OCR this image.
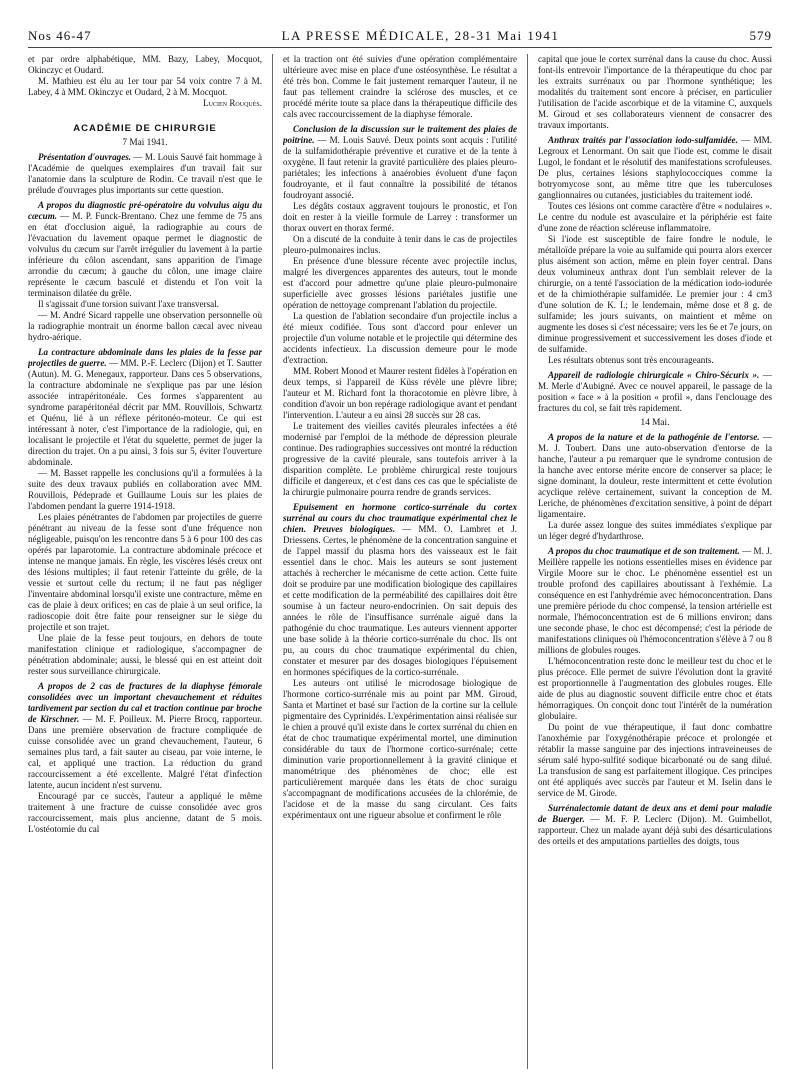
Nos 46-47	LA PRESSE MÉDICALE, 28-31 Mai 1941	579

et par ordre alphabétique, MM. Bazy, Labey, Mocquot, Okinczyc et Oudard.

M. Mathieu est élu au 1er tour par 54 voix contre 7 à M. Labey, 4 à MM. Okinczyc et Oudard, 2 à M. Mocquot.

Lucien Rouquès.

ACADÉMIE DE CHIRURGIE
7 Mai 1941.

Présentation d'ouvrages. — M. Louis Sauvé fait hommage à l'Académie de quelques exemplaires d'un travail fait sur l'anatomie dans la sculpture de Rodin. Ce travail n'est que le prélude d'ouvrages plus importants sur cette question.

A propos du diagnostic pré-opératoire du volvulus aigu du cæcum. — M. P. Funck-Brentano. Chez une femme de 75 ans en état d'occlusion aiguë, la radiographie au cours de l'évacuation du lavement opaque permet le diagnostic de volvulus du cæcum sur l'arrêt irrégulier du lavement à la partie inférieure du côlon ascendant, sans apparition de l'image arrondie du cæcum; à gauche du côlon, une image claire représente le cæcum basculé et distendu et l'on voit la terminaison dilatée du grêle.

Il s'agissait d'une torsion suivant l'axe transversal.

— M. André Sicard rappelle une observation personnelle où la radiographie montrait un énorme ballon cæcal avec niveau hydro-aérique.

La contracture abdominale dans les plaies de la fesse par projectiles de guerre. — MM. P.-F. Leclerc (Dijon) et T. Sautter (Autun). M. G. Menegaux, rapporteur. Dans ces 5 observations, la contracture abdominale ne s'explique pas par une lésion associée intrapéritonéale. Ces formes s'apparentent au syndrome parapéritonéal décrit par MM. Rouvillois, Schwartz et Quénu, lié à un réflexe péritonéo-moteur. Ce qui est intéressant à noter, c'est l'importance de la radiologie, qui, en localisant le projectile et l'état du squelette, permet de juger la direction du trajet. On a pu ainsi, 3 fois sur 5, éviter l'ouverture abdominale.

— M. Basset rappelle les conclusions qu'il a formulées à la suite des deux travaux publiés en collaboration avec MM. Rouvillois, Pédeprade et Guillaume Louis sur les plaies de l'abdomen pendant la guerre 1914-1918.

Les plaies pénétrantes de l'abdomen par projectiles de guerre pénétrant au niveau de la fesse sont d'une fréquence non négligeable, puisqu'on les rencontre dans 5 à 6 pour 100 des cas opérés par laparotomie. La contracture abdominale précoce et intense ne manque jamais. En règle, les viscères lésés creux ont des lésions multiples; il faut retenir l'atteinte du grêle, de la vessie et surtout celle du rectum; il ne faut pas négliger l'inventaire abdominal lorsqu'il existe une contracture, même en cas de plaie à deux orifices; en cas de plaie à un seul orifice, la radioscopie doit être faite pour renseigner sur le siège du projectile et son trajet.

Une plaie de la fesse peut toujours, en dehors de toute manifestation clinique et radiologique, s'accompagner de pénétration abdominale; aussi, le blessé qui en est atteint doit rester sous surveillance chirurgicale.

A propos de 2 cas de fractures de la diaphyse fémorale consolidées avec un important chevauchement et réduites tardivement par section du cal et traction continue par broche de Kirschner. — M. F. Poilleux. M. Pierre Brocq, rapporteur. Dans une première observation de fracture compliquée de cuisse consolidée avec un grand chevauchement, l'auteur, 6 semaines plus tard, a fait sauter au ciseau, par voie interne, le cal, et appliqué une traction. La réduction du grand raccourcissement a été excellente. Malgré l'état d'infection latente, aucun incident n'est survenu.

Encouragé par ce succès, l'auteur a appliqué le même traitement à une fracture de cuisse consolidée avec gros raccourcissement, mais plus ancienne, datant de 5 mois. L'ostéotomie du cal

et la traction ont été suivies d'une opération complémentaire ultérieure avec mise en place d'une ostéosynthèse. Le résultat a été très bon. Comme le fait justement remarquer l'auteur, il ne faut pas tellement craindre la sclérose des muscles, et ce procédé mérite toute sa place dans la thérapeutique difficile des cals avec raccourcissement de la diaphyse fémorale.

Conclusion de la discussion sur le traitement des plaies de poitrine. — M. Louis Sauvé. Deux points sont acquis : l'utilité de la sulfamidothérapie préventive et curative et de la tente à oxygène. Il faut retenir la gravité particulière des plaies pleuro-pariétales; les infections à anaérobies évoluent d'une façon foudroyante, et il faut connaître la possibilité de tétanos foudroyant associé.

Les dégâts costaux aggravent toujours le pronostic, et l'on doit en rester à la vieille formule de Larrey : transformer un thorax ouvert en thorax fermé.

On a discuté de la conduite à tenir dans le cas de projectiles pleuro-pulmonaires inclus.

En présence d'une blessure récente avec projectile inclus, malgré les divergences apparentes des auteurs, tout le monde est d'accord pour admettre qu'une plaie pleuro-pulmonaire superficielle avec grosses lésions pariétales justifie une opération de nettoyage comprenant l'ablation du projectile.

La question de l'ablation secondaire d'un projectile inclus a été mieux codifiée. Tous sont d'accord pour enlever un projectile d'un volume notable et le projectile qui détermine des accidents infectieux. La discussion demeure pour le mode d'extraction.

MM. Robert Monod et Maurer restent fidèles à l'opération en deux temps, si l'appareil de Küss révèle une plèvre libre; l'auteur et M. Richard font la thoracotomie en plèvre libre, à condition d'avoir un bon repérage radiologique avant et pendant l'intervention. L'auteur a eu ainsi 28 succès sur 28 cas.

Le traitement des vieilles cavités pleurales infectées a été modernisé par l'emploi de la méthode de dépression pleurale continue. Des radiographies successives ont montré la réduction progressive de la cavité pleurale, sans toutefois arriver à la disparition complète. Le problème chirurgical reste toujours difficile et dangereux, et c'est dans ces cas que le spécialiste de la chirurgie pulmonaire pourra rendre de grands services.

Epuisement en hormone cortico-surrénale du cortex surrénal au cours du choc traumatique expérimental chez le chien. Preuves biologiques. — MM. O. Lambret et J. Driessens. Certes, le phénomène de la concentration sanguine et de l'appel massif du plasma hors des vaisseaux est le fait essentiel dans le choc. Mais les auteurs se sont justement attachés à rechercher le mécanisme de cette action. Cette fuite doit se produire par une modification biologique des capillaires et cette modification de la perméabilité des capillaires doit être soumise à un facteur neuro-endocrinien. On sait depuis des années le rôle de l'insuffisance surrénale aiguë dans la pathogénie du choc traumatique. Les auteurs viennent apporter une base solide à la théorie cortico-surrénale du choc. Ils ont pu, au cours du choc traumatique expérimental du chien, constater et mesurer par des dosages biologiques l'épuisement en hormones spécifiques de la cortico-surrénale.

Les auteurs ont utilisé le microdosage biologique de l'hormone cortico-surrénale mis au point par MM. Giroud, Santa et Martinet et basé sur l'action de la cortine sur la cellule pigmentaire des Cyprinidés. L'expérimentation ainsi réalisée sur le chien a prouvé qu'il existe dans le cortex surrénal du chien en état de choc traumatique expérimental mortel, une diminution considérable du taux de l'hormone cortico-surrénale; cette diminution varie proportionnellement à la gravité clinique et manométrique des phénomènes de choc; elle est particulièrement marquée dans les états de choc suraigu s'accompagnant de modifications accusées de la chlorémie, de l'acidose et de la masse du sang circulant. Ces faits expérimentaux ont une rigueur absolue et confirment le rôle

capital que joue le cortex surrénal dans la cause du choc. Aussi font-ils entrevoir l'importance de la thérapeutique du choc par les extraits surrénaux ou par l'hormone synthétique; les modalités du traitement sont encore à préciser, en particulier l'utilisation de l'acide ascorbique et de la vitamine C, auxquels M. Giroud et ses collaborateurs viennent de consacrer des travaux importants.

Anthrax traités par l'association iodo-sulfamidée. — MM. Legroux et Lenormant. On sait que l'iode est, comme le disait Lugol, le fondant et le résolutif des manifestations scrofuleuses. De plus, certaines lésions staphylococciques comme la botryomycose sont, au même titre que les tuberculoses ganglionnaires ou cutanées, justiciables du traitement iodé.

Toutes ces lésions ont comme caractère d'être « nodulaires ». Le centre du nodule est avasculaire et la périphérie est faite d'une zone de réaction scléreuse inflammatoire.

Si l'iode est susceptible de faire fondre le nodule, le métalloïde prépare la voie au sulfamide qui pourra alors exercer plus aisément son action, même en plein foyer central. Dans deux volumineux anthrax dont l'un semblait relever de la chirurgie, on a tenté l'association de la médication iodo-iodurée et de la chimiothérapie sulfamidée. Le premier jour : 4 cm3 d'une solution de K. I.; le lendemain, même dose et 8 g. de sulfamide; les jours suivants, on maintient et même on augmente les doses si c'est nécessaire; vers les 6e et 7e jours, on diminue progressivement et successivement les doses d'iode et de sulfamide.

Les résultats obtenus sont très encourageants.

Appareil de radiologie chirurgicale « Chiro-Sécurix ». — M. Merle d'Aubigné. Avec ce nouvel appareil, le passage de la position « face » à la position « profil », dans l'enclouage des fractures du col, se fait très rapidement.

14 Mai.

A propos de la nature et de la pathogénie de l'entorse. — M. J. Toubert. Dans une auto-observation d'entorse de la hanche, l'auteur a pu remarquer que le syndrome contusion de la hanche avec entorse mérite encore de conserver sa place; le signe dominant, la douleur, reste intermittent et cette évolution acyclique relève certainement, suivant la conception de M. Leriche, de phénomènes d'excitation sensitive, à point de départ ligamentaire.

La durée assez longue des suites immédiates s'explique par un léger degré d'hydarthrose.

A propos du choc traumatique et de son traitement. — M. J. Meillère rappelle les notions essentielles mises en évidence par Virgile Moore sur le choc. Le phénomène essentiel est un trouble profond des capillaires aboutissant à l'exhémie. La conséquence en est l'anhydrémie avec hémoconcentration. Dans une première période du choc compensé, la tension artérielle est normale, l'hémoconcentration est de 6 millions environ; dans une seconde phase, le choc est décompensé; c'est la période de manifestations cliniques où l'hémoconcentration s'élève à 7 ou 8 millions de globules rouges.

L'hémoconcentration reste donc le meilleur test du choc et le plus précoce. Elle permet de suivre l'évolution dont la gravité est proportionnelle à l'augmentation des globules rouges. Elle aide de plus au diagnostic souvent difficile entre choc et états hémorragiques. On conçoit donc tout l'intérêt de la numération globulaire.

Du point de vue thérapeutique, il faut donc combattre l'anoxhémie par l'oxygénothérapie précoce et prolongée et rétablir la masse sanguine par des injections intraveineuses de sérum salé hypo-sulfité sodique bicarbonaté ou de sang dilué. La transfusion de sang est parfaitement illogique. Ces principes ont été appliqués avec succès par l'auteur et M. Iselin dans le service de M. Girode.

Surrénalectomie datant de deux ans et demi pour maladie de Buerger. — M. F. P. Leclerc (Dijon). M. Guimbellot, rapporteur. Chez un malade ayant déjà subi des désarticulations des orteils et des amputations partielles des doigts, tous
